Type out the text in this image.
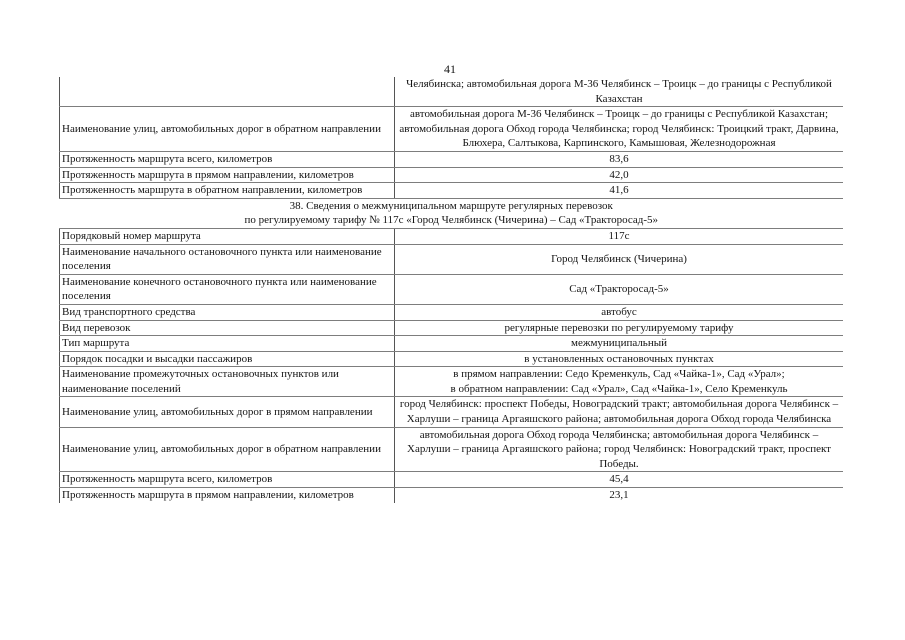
41
	Челябинска; автомобильная дорога М-36 Челябинск – Троицк – до границы с Республикой Казахстан
Наименование улиц, автомобильных дорог в обратном направлении	автомобильная дорога М-36 Челябинск – Троицк – до границы с Республикой Казахстан; автомобильная дорога Обход города Челябинска; город Челябинск: Троицкий тракт, Дарвина, Блюхера, Салтыкова, Карпинского, Камышовая, Железнодорожная
Протяженность маршрута всего, километров	83,6
Протяженность маршрута в прямом направлении, километров	42,0
Протяженность маршрута в обратном направлении, километров	41,6

38. Сведения о межмуниципальном маршруте регулярных перевозок
по регулируемому тарифу № 117с «Город Челябинск (Чичерина) – Сад «Трактоpосад-5»	

Порядковый номер маршрута	117с
Наименование начального остановочного пункта или наименование поселения	Город Челябинск (Чичерина)
Наименование конечного остановочного пункта или наименование поселения	Сад «Трактоpосад-5»
Вид транспортного средства	автобус
Вид перевозок	регулярные перевозки по регулируемому тарифу
Тип маршрута	межмуниципальный
Порядок посадки и высадки пассажиров	в установленных остановочных пунктах
Наименование промежуточных остановочных пунктов или наименование поселений	в прямом направлении: Седо Кременкуль, Сад «Чайка-1», Сад «Урал»;
в обратном направлении: Сад «Урал», Сад «Чайка-1», Село Кременкуль

Наименование улиц, автомобильных дорог в прямом направлении	город Челябинск: проспект Победы, Новоградский тракт; автомобильная дорога Челябинск – Харлуши – граница Аргаяшского района; автомобильная дорога Обход города Челябинска
Наименование улиц, автомобильных дорог в обратном направлении	автомобильная дорога Обход города Челябинска; автомобильная дорога Челябинск – Харлуши – граница Аргаяшского района; город Челябинск: Новоградский тракт, проспект Победы.
Протяженность маршрута всего, километров	45,4
Протяженность маршрута в прямом направлении, километров	23,1
